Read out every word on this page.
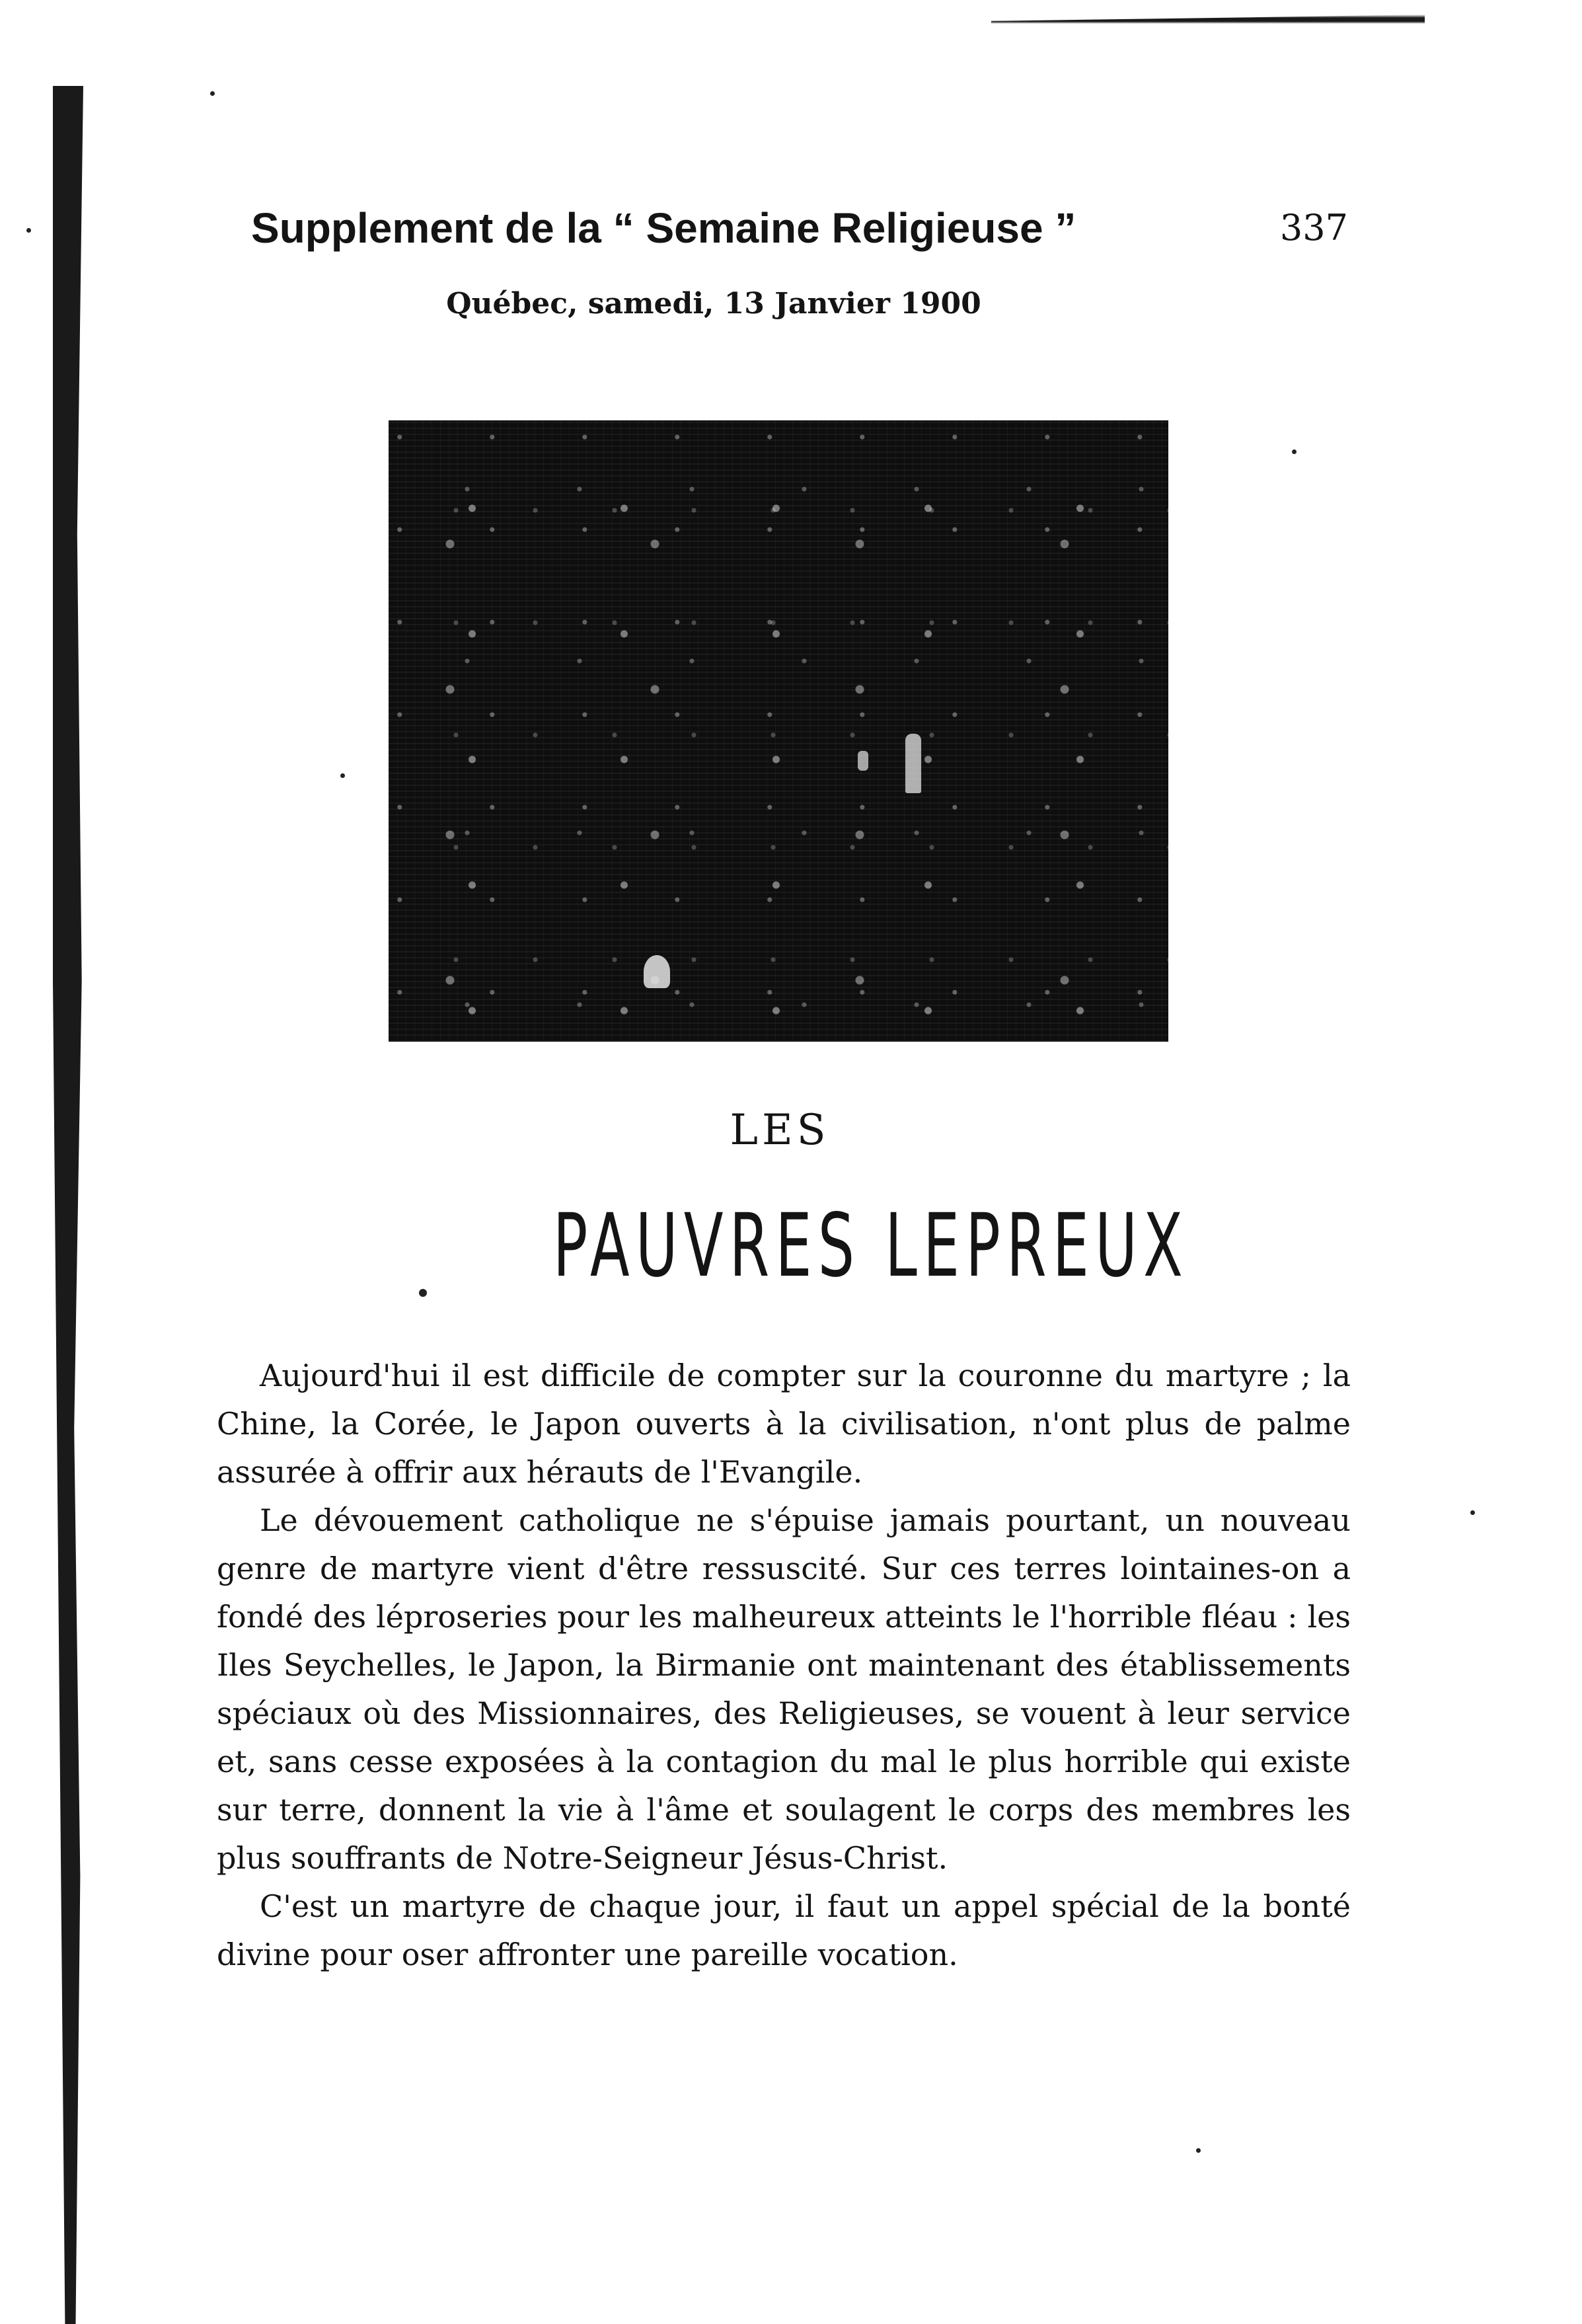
Supplement de la “ Semaine Religieuse ”	337
Québec, samedi, 13 Janvier 1900
LES
PAUVRES LEPREUX

Aujourd'hui il est difficile de compter sur la couronne du martyre ; la Chine, la Corée, le Japon ouverts à la civilisation, n'ont plus de palme assurée à offrir aux hérauts de l'Evangile.

Le dévouement catholique ne s'épuise jamais pourtant, un nouveau genre de martyre vient d'être ressuscité. Sur ces terres lointaines-on a fondé des léproseries pour les malheureux atteints le l'horrible fléau : les Iles Seychelles, le Japon, la Birmanie ont maintenant des établissements spéciaux où des Missionnaires, des Religieuses, se vouent à leur service et, sans cesse exposées à la contagion du mal le plus horrible qui existe sur terre, donnent la vie à l'âme et soulagent le corps des membres les plus souffrants de Notre-Seigneur Jésus-Christ.

C'est un martyre de chaque jour, il faut un appel spécial de la bonté divine pour oser affronter une pareille vocation.
